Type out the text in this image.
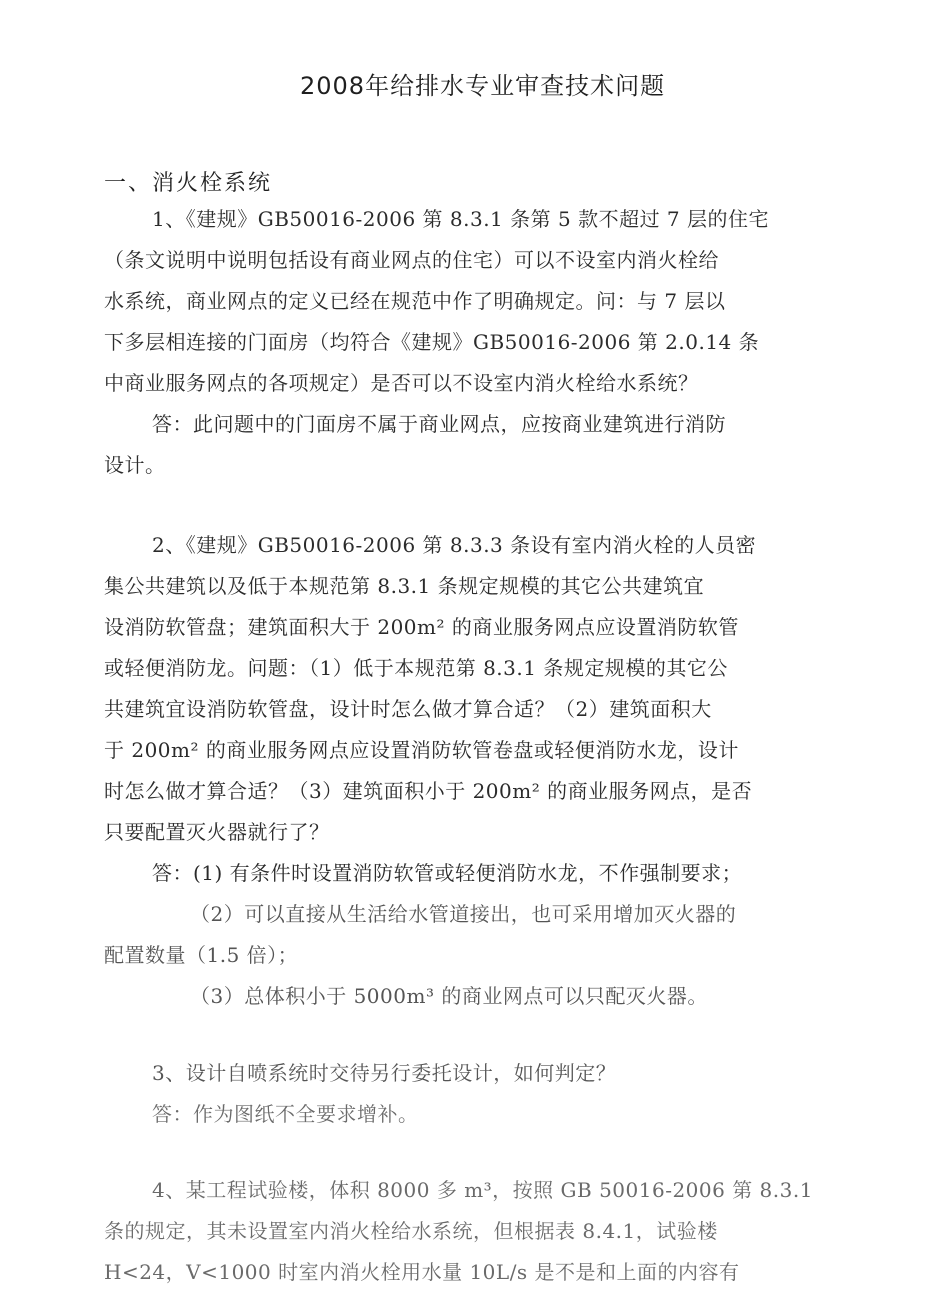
2008年给排水专业审查技术问题
一、消火栓系统
1、《建规》GB50016-2006 第 8.3.1 条第 5 款不超过 7 层的住宅
（条文说明中说明包括设有商业网点的住宅）可以不设室内消火栓给
水系统，商业网点的定义已经在规范中作了明确规定。问：与 7 层以
下多层相连接的门面房（均符合《建规》GB50016-2006 第 2.0.14 条
中商业服务网点的各项规定）是否可以不设室内消火栓给水系统？
答：此问题中的门面房不属于商业网点，应按商业建筑进行消防
设计。
2、《建规》GB50016-2006 第 8.3.3 条设有室内消火栓的人员密
集公共建筑以及低于本规范第 8.3.1 条规定规模的其它公共建筑宜
设消防软管盘；建筑面积大于 200m² 的商业服务网点应设置消防软管
或轻便消防龙。问题：（1）低于本规范第 8.3.1 条规定规模的其它公
共建筑宜设消防软管盘，设计时怎么做才算合适？（2）建筑面积大
于 200m² 的商业服务网点应设置消防软管卷盘或轻便消防水龙，设计
时怎么做才算合适？（3）建筑面积小于 200m² 的商业服务网点，是否
只要配置灭火器就行了？
答：(1) 有条件时设置消防软管或轻便消防水龙，不作强制要求；
（2）可以直接从生活给水管道接出，也可采用增加灭火器的
配置数量（1.5 倍）；
（3）总体积小于 5000m³ 的商业网点可以只配灭火器。
3、设计自喷系统时交待另行委托设计，如何判定？
答：作为图纸不全要求增补。
4、某工程试验楼，体积 8000 多 m³，按照 GB 50016-2006 第 8.3.1
条的规定，其未设置室内消火栓给水系统，但根据表 8.4.1，试验楼
H<24，V<1000 时室内消火栓用水量 10L/s 是不是和上面的内容有
